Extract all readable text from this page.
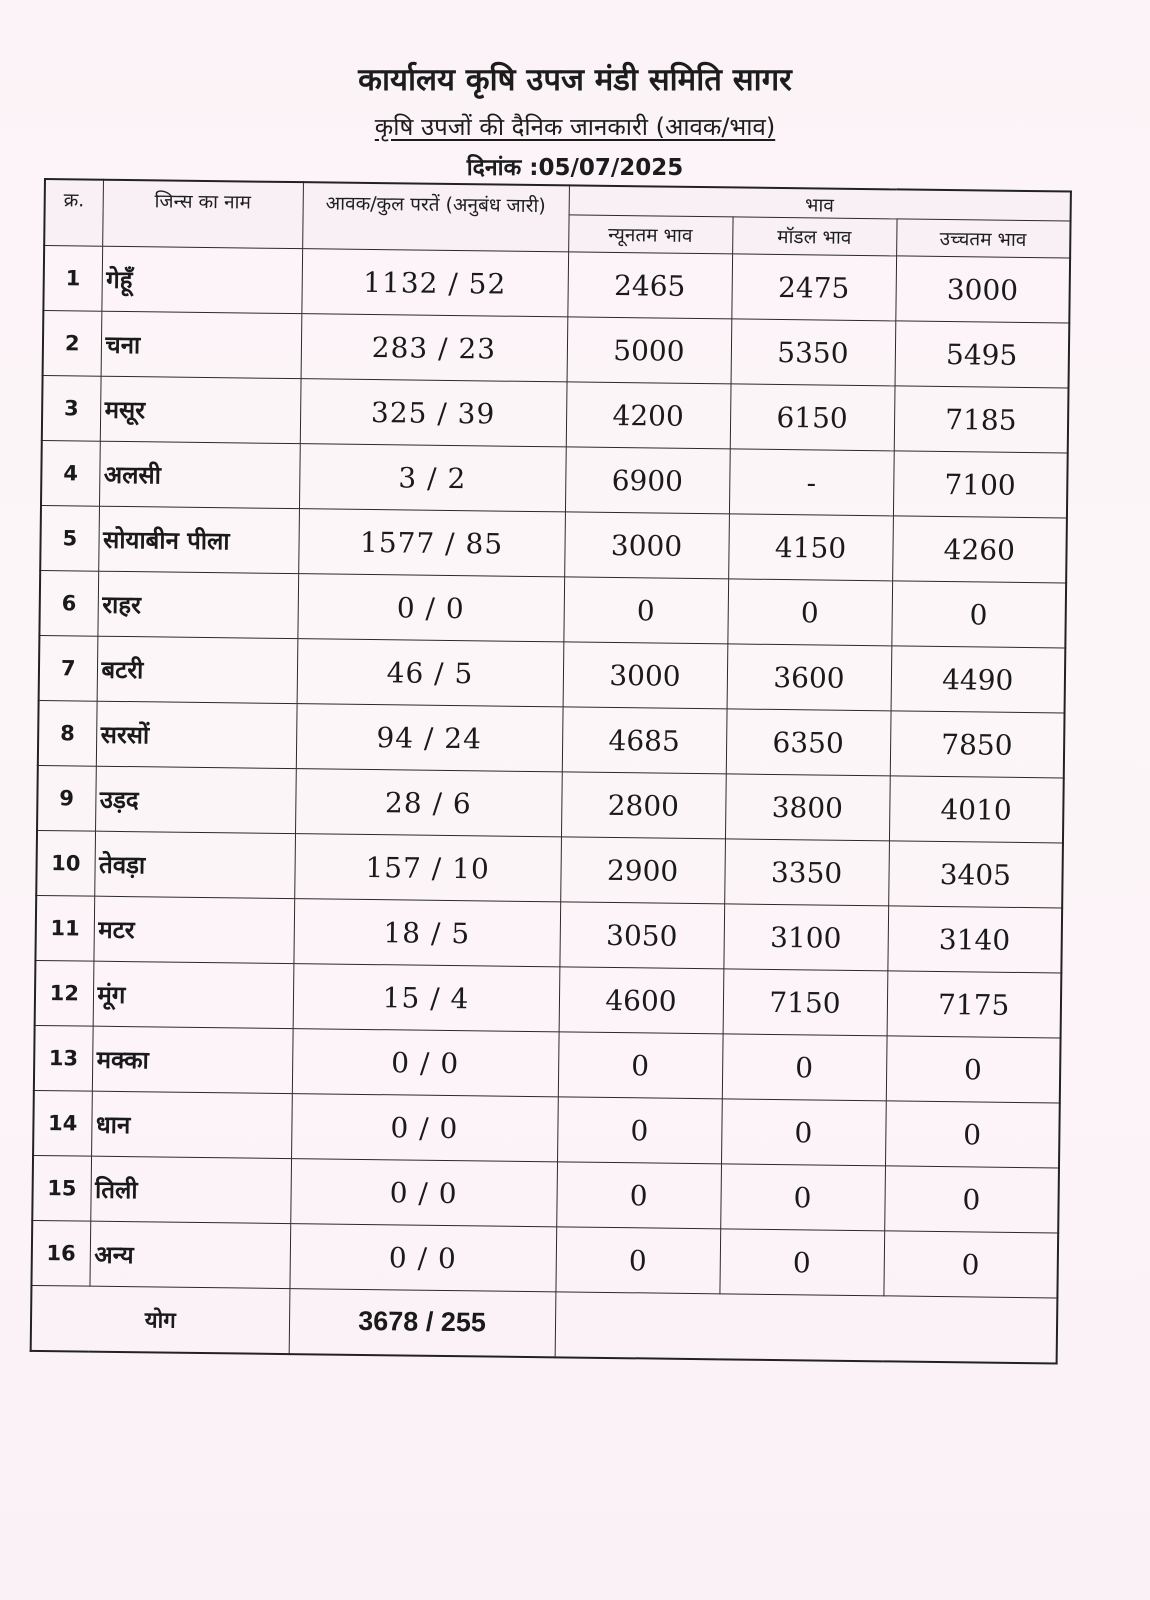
कार्यालय कृषि उपज मंडी समिति सागर
कृषि उपजों की दैनिक जानकारी (आवक/भाव)
दिनांक :05/07/2025
क्र.	जिन्स का नाम	आवक/कुल परतें (अनुबंध जारी)	भाव		
			न्यूनतम भाव	मॉडल भाव	उच्चतम भाव
1	गेहूँ	1132 / 52	2465	2475	3000
2	चना	283 / 23	5000	5350	5495
3	मसूर	325 / 39	4200	6150	7185
4	अलसी	3 / 2	6900	-	7100
5	सोयाबीन पीला	1577 / 85	3000	4150	4260
6	राहर	0 / 0	0	0	0
7	बटरी	46 / 5	3000	3600	4490
8	सरसों	94 / 24	4685	6350	7850
9	उड़द	28 / 6	2800	3800	4010
10	तेवड़ा	157 / 10	2900	3350	3405
11	मटर	18 / 5	3050	3100	3140
12	मूंग	15 / 4	4600	7150	7175
13	मक्का	0 / 0	0	0	0
14	धान	0 / 0	0	0	0
15	तिली	0 / 0	0	0	0
16	अन्य	0 / 0	0	0	0
योग		3678 / 255			
